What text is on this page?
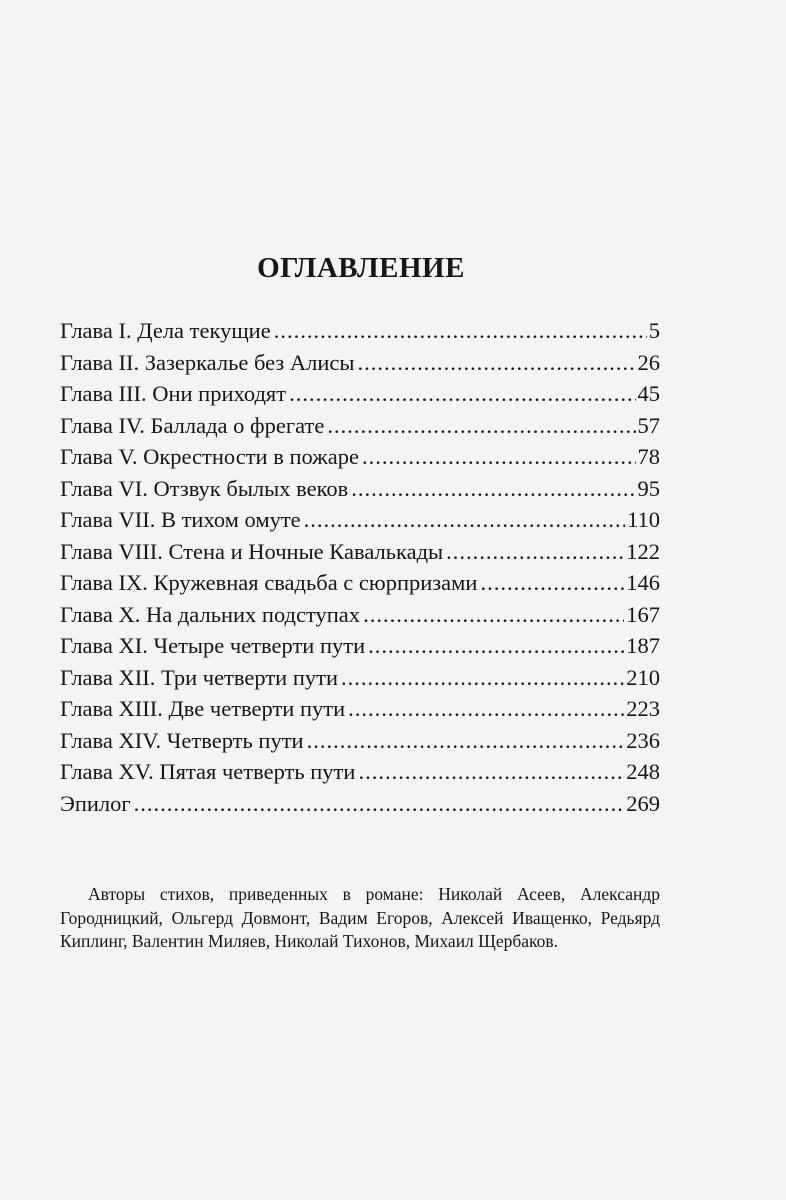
ОГЛАВЛЕНИЕ
Глава I. Дела текущие .....	5
Глава II. Зазеркалье без Алисы .....	26
Глава III. Они приходят .....	45
Глава IV. Баллада о фрегате .....	57
Глава V. Окрестности в пожаре .....	78
Глава VI. Отзвук былых веков .....	95
Глава VII. В тихом омуте .....	110
Глава VIII. Стена и Ночные Кавалькады .....	122
Глава IX. Кружевная свадьба с сюрпризами .....	146
Глава X. На дальних подступах .....	167
Глава XI. Четыре четверти пути .....	187
Глава XII. Три четверти пути .....	210
Глава XIII. Две четверти пути .....	223
Глава XIV. Четверть пути .....	236
Глава XV. Пятая четверть пути .....	248
Эпилог .....	269
Авторы стихов, приведенных в романе: Николай Асеев, Александр Городницкий, Ольгерд Довмонт, Вадим Егоров, Алексей Иващенко, Редьярд Киплинг, Валентин Миляев, Николай Тихонов, Михаил Щербаков.
